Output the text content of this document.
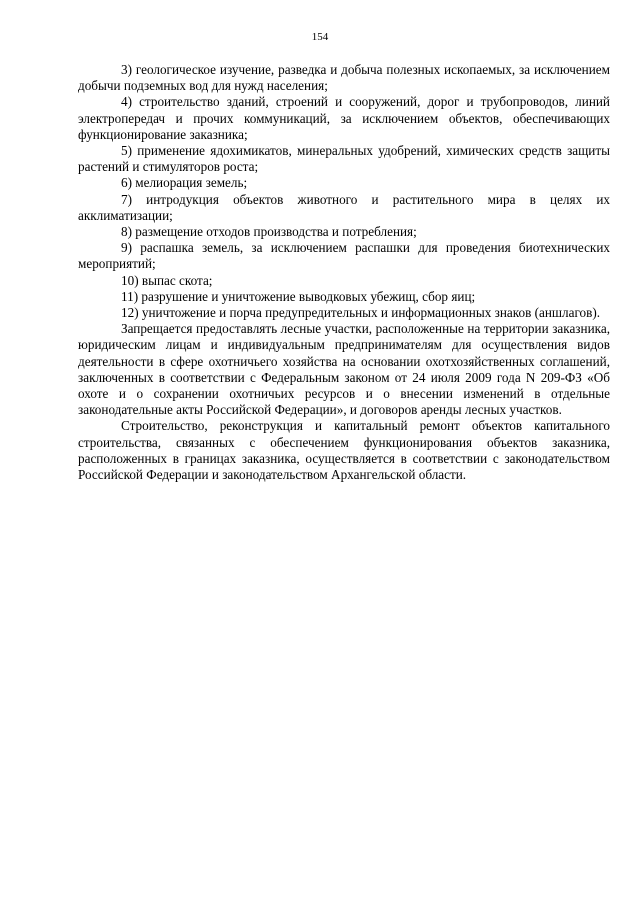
154

3) геологическое изучение, разведка и добыча полезных ископаемых, за исключением добычи подземных вод для нужд населения;

4) строительство зданий, строений и сооружений, дорог и трубопроводов, линий электропередач и прочих коммуникаций, за исключением объектов, обеспечивающих функционирование заказника;

5) применение ядохимикатов, минеральных удобрений, химических средств защиты растений и стимуляторов роста;

6) мелиорация земель;

7) интродукция объектов животного и растительного мира в целях их акклиматизации;

8) размещение отходов производства и потребления;

9) распашка земель, за исключением распашки для проведения биотехнических мероприятий;

10) выпас скота;

11) разрушение и уничтожение выводковых убежищ, сбор яиц;

12) уничтожение и порча предупредительных и информационных знаков (аншлагов).

Запрещается предоставлять лесные участки, расположенные на территории заказника, юридическим лицам и индивидуальным предпринимателям для осуществления видов деятельности в сфере охотничьего хозяйства на основании охотхозяйственных соглашений, заключенных в соответствии с Федеральным законом от 24 июля 2009 года N 209-ФЗ «Об охоте и о сохранении охотничьих ресурсов и о внесении изменений в отдельные законодательные акты Российской Федерации», и договоров аренды лесных участков.

Строительство, реконструкция и капитальный ремонт объектов капитального строительства, связанных с обеспечением функционирования объектов заказника, расположенных в границах заказника, осуществляется в соответствии с законодательством Российской Федерации и законодательством Архангельской области.
